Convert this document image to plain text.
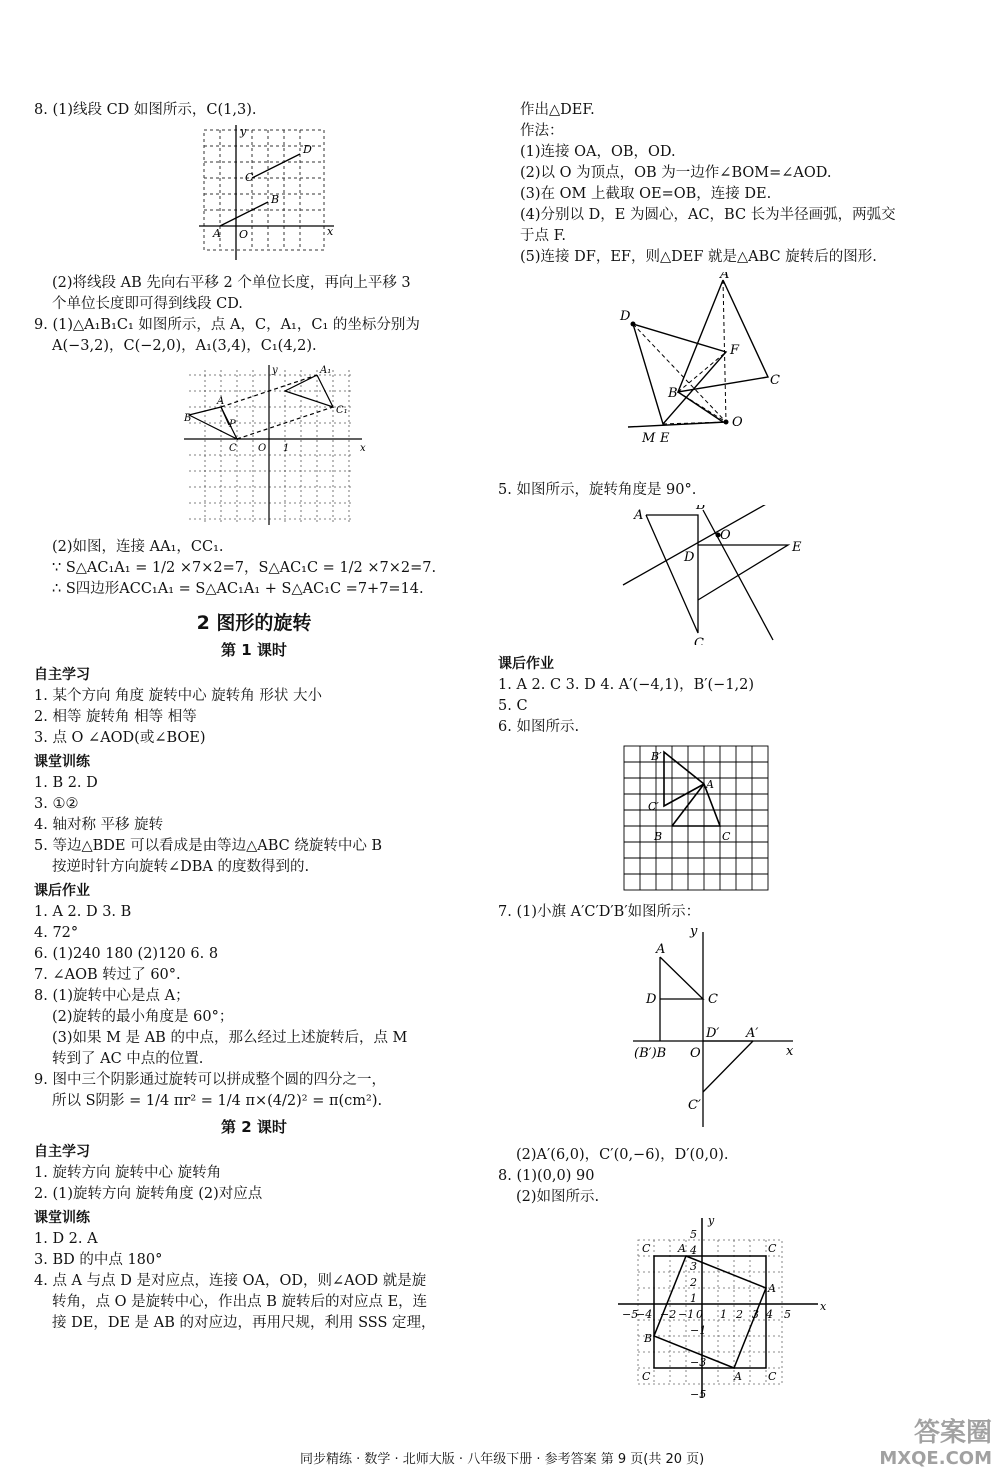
8. (1)线段 CD 如图所示，C(1,3).
y
x
A O
B
C
D
(2)将线段 AB 先向右平移 2 个单位长度，再向上平移 3
个单位长度即可得到线段 CD.
9. (1)△A₁B₁C₁ 如图所示，点 A，C，A₁，C₁ 的坐标分别为
A(−3,2)，C(−2,0)，A₁(3,4)，C₁(4,2).
y
x
A
B
P
C O 1
A₁
C₁
(2)如图，连接 AA₁，CC₁.
∵ S△AC₁A₁ = 1/2 ×7×2=7，S△AC₁C = 1/2 ×7×2=7.
∴ S四边形ACC₁A₁ = S△AC₁A₁ + S△AC₁C =7+7=14.
2 图形的旋转
第 1 课时
自主学习
1. 某个方向 角度 旋转中心 旋转角 形状 大小
2. 相等 旋转角 相等 相等
3. 点 O ∠AOD(或∠BOE)
课堂训练
1. B 2. D
3. ①②
4. 轴对称 平移 旋转
5. 等边△BDE 可以看成是由等边△ABC 绕旋转中心 B
按逆时针方向旋转∠DBA 的度数得到的.
课后作业
1. A 2. D 3. B
4. 72°
6. (1)240 180 (2)120 6. 8
7. ∠AOB 转过了 60°.
8. (1)旋转中心是点 A；
(2)旋转的最小角度是 60°；
(3)如果 M 是 AB 的中点，那么经过上述旋转后，点 M
转到了 AC 中点的位置.
9. 图中三个阴影通过旋转可以拼成整个圆的四分之一，
所以 S阴影 = 1/4 πr² = 1/4 π×(4/2)² = π(cm²).
第 2 课时
自主学习
1. 旋转方向 旋转中心 旋转角
2. (1)旋转方向 旋转角度 (2)对应点
课堂训练
1. D 2. A
3. BD 的中点 180°
4. 点 A 与点 D 是对应点，连接 OA，OD，则∠AOD 就是旋
转角，点 O 是旋转中心，作出点 B 旋转后的对应点 E，连
接 DE，DE 是 AB 的对应边，再用尺规，利用 SSS 定理，
作出△DEF.
作法：
(1)连接 OA，OB，OD.
(2)以 O 为顶点，OB 为一边作∠BOM=∠AOD.
(3)在 OM 上截取 OE=OB，连接 DE.
(4)分别以 D，E 为圆心，AC，BC 长为半径画弧，两弧交
于点 F.
(5)连接 DF，EF，则△DEF 就是△ABC 旋转后的图形.
A
D
F
B
C
O
M E
5. 如图所示，旋转角度是 90°.
A
B
O
D
E
C
课后作业
1. A 2. C 3. D 4. A′(−4,1)，B′(−1,2)
5. C
6. 如图所示.
B′
A
C′
B	C
7. (1)小旗 A′C′D′B′如图所示：
y
x
A
D	C
D′ A′
(B′)B O
C′
(2)A′(6,0)，C′(0,−6)，D′(0,0).
8. (1)(0,0) 90
(2)如图所示.
y
x
C	A	C
A
B
C	A C
−5
−4 −2 −1 0 1 2 3 4 5
5
4
3
2
1
−1
−3
−5
同步精练 · 数学 · 北师大版 · 八年级下册 · 参考答案 第 9 页(共 20 页)
答案圈
MXQE.COM
